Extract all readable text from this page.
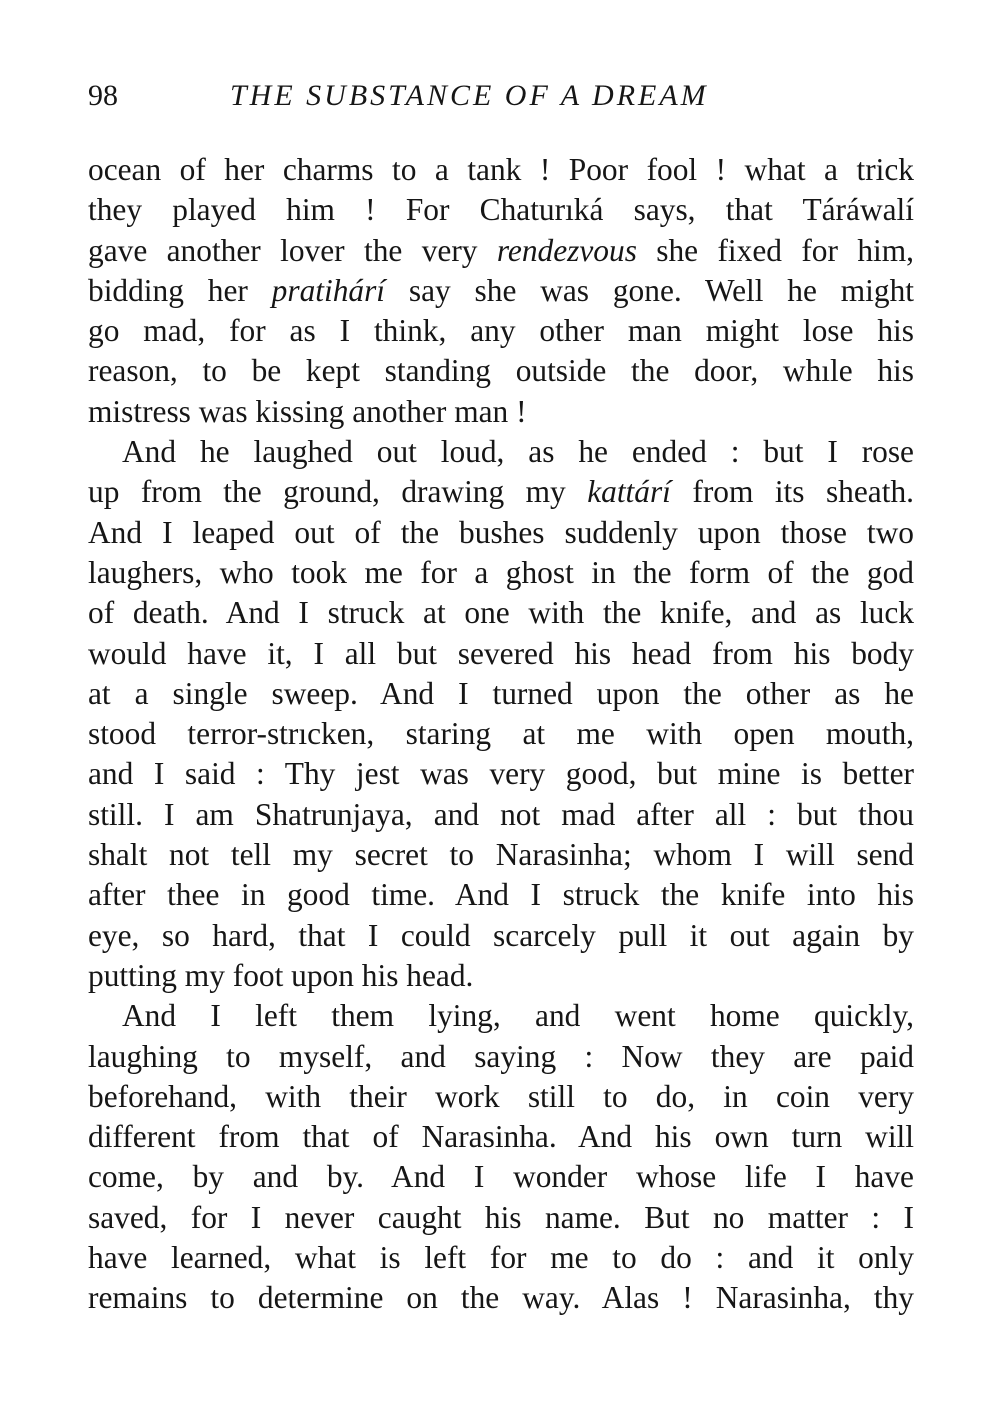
98	THE SUBSTANCE OF A DREAM
ocean of her charms to a tank ! Poor fool ! what a trick
they played him ! For Chaturıká says, that Táráwalí
gave another lover the very rendezvous she fixed for him,
bidding her pratihárí say she was gone. Well he might
go mad, for as I think, any other man might lose his
reason, to be kept standing outside the door, whıle his
mistress was kissing another man !
And he laughed out loud, as he ended : but I rose
up from the ground, drawing my kattárí from its sheath.
And I leaped out of the bushes suddenly upon those two
laughers, who took me for a ghost in the form of the god
of death. And I struck at one with the knife, and as luck
would have it, I all but severed his head from his body
at a single sweep. And I turned upon the other as he
stood terror-strıcken, staring at me with open mouth,
and I said : Thy jest was very good, but mine is better
still. I am Shatrunjaya, and not mad after all : but thou
shalt not tell my secret to Narasinha; whom I will send
after thee in good time. And I struck the knife into his
eye, so hard, that I could scarcely pull it out again by
putting my foot upon his head.
And I left them lying, and went home quickly,
laughing to myself, and saying : Now they are paid
beforehand, with their work still to do, in coin very
different from that of Narasinha. And his own turn will
come, by and by. And I wonder whose life I have
saved, for I never caught his name. But no matter : I
have learned, what is left for me to do : and it only
remains to determine on the way. Alas ! Narasinha, thy
